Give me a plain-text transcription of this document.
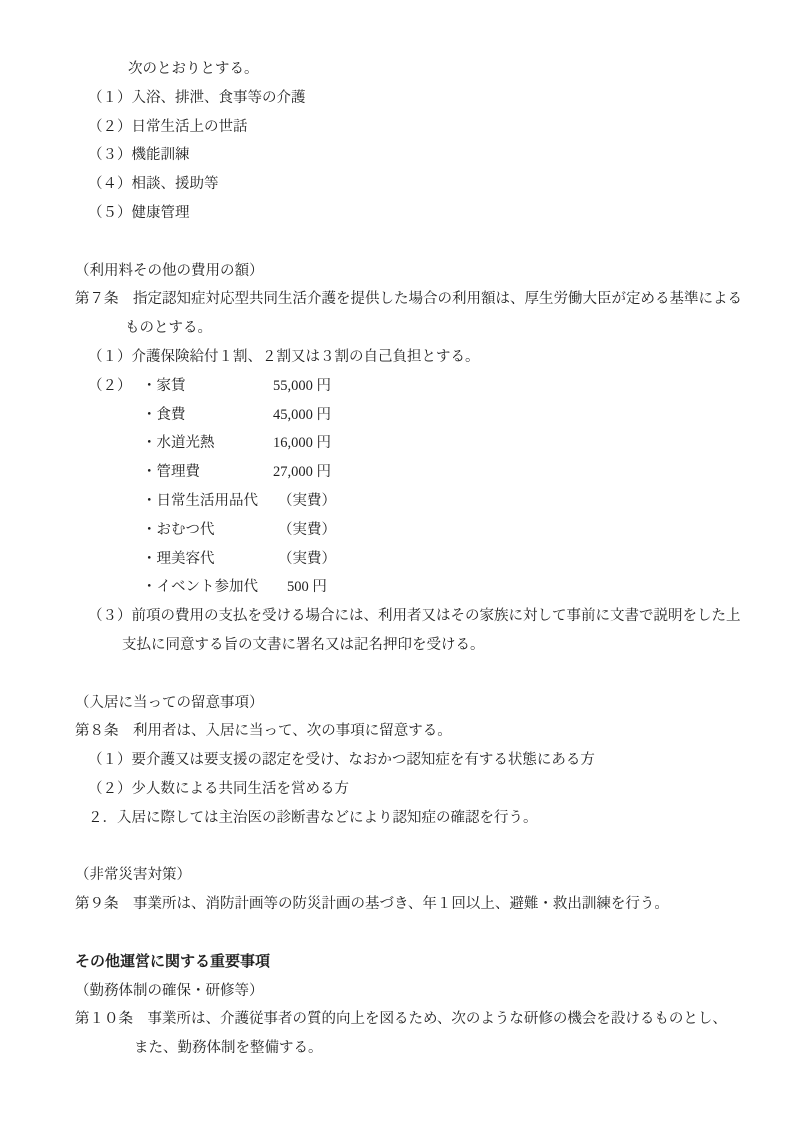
次のとおりとする。
（１）入浴、排泄、食事等の介護
（２）日常生活上の世話
（３）機能訓練
（４）相談、援助等
（５）健康管理
（利用料その他の費用の額）
第７条　指定認知症対応型共同生活介護を提供した場合の利用額は、厚生労働大臣が定める基準による
ものとする。
（１）介護保険給付１割、２割又は３割の自己負担とする。
（２） ・家賃	55,000 円
・食費	45,000 円
・水道光熱	16,000 円
・管理費	27,000 円
・日常生活用品代	（実費）
・おむつ代	（実費）
・理美容代	（実費）
・イベント参加代	500 円
（３）前項の費用の支払を受ける場合には、利用者又はその家族に対して事前に文書で説明をした上
支払に同意する旨の文書に署名又は記名押印を受ける。
（入居に当っての留意事項）
第８条　利用者は、入居に当って、次の事項に留意する。
（１）要介護又は要支援の認定を受け、なおかつ認知症を有する状態にある方
（２）少人数による共同生活を営める方
２．入居に際しては主治医の診断書などにより認知症の確認を行う。
（非常災害対策）
第９条　事業所は、消防計画等の防災計画の基づき、年１回以上、避難・救出訓練を行う。
その他運営に関する重要事項
（勤務体制の確保・研修等）
第１０条　事業所は、介護従事者の質的向上を図るため、次のような研修の機会を設けるものとし、
また、勤務体制を整備する。
